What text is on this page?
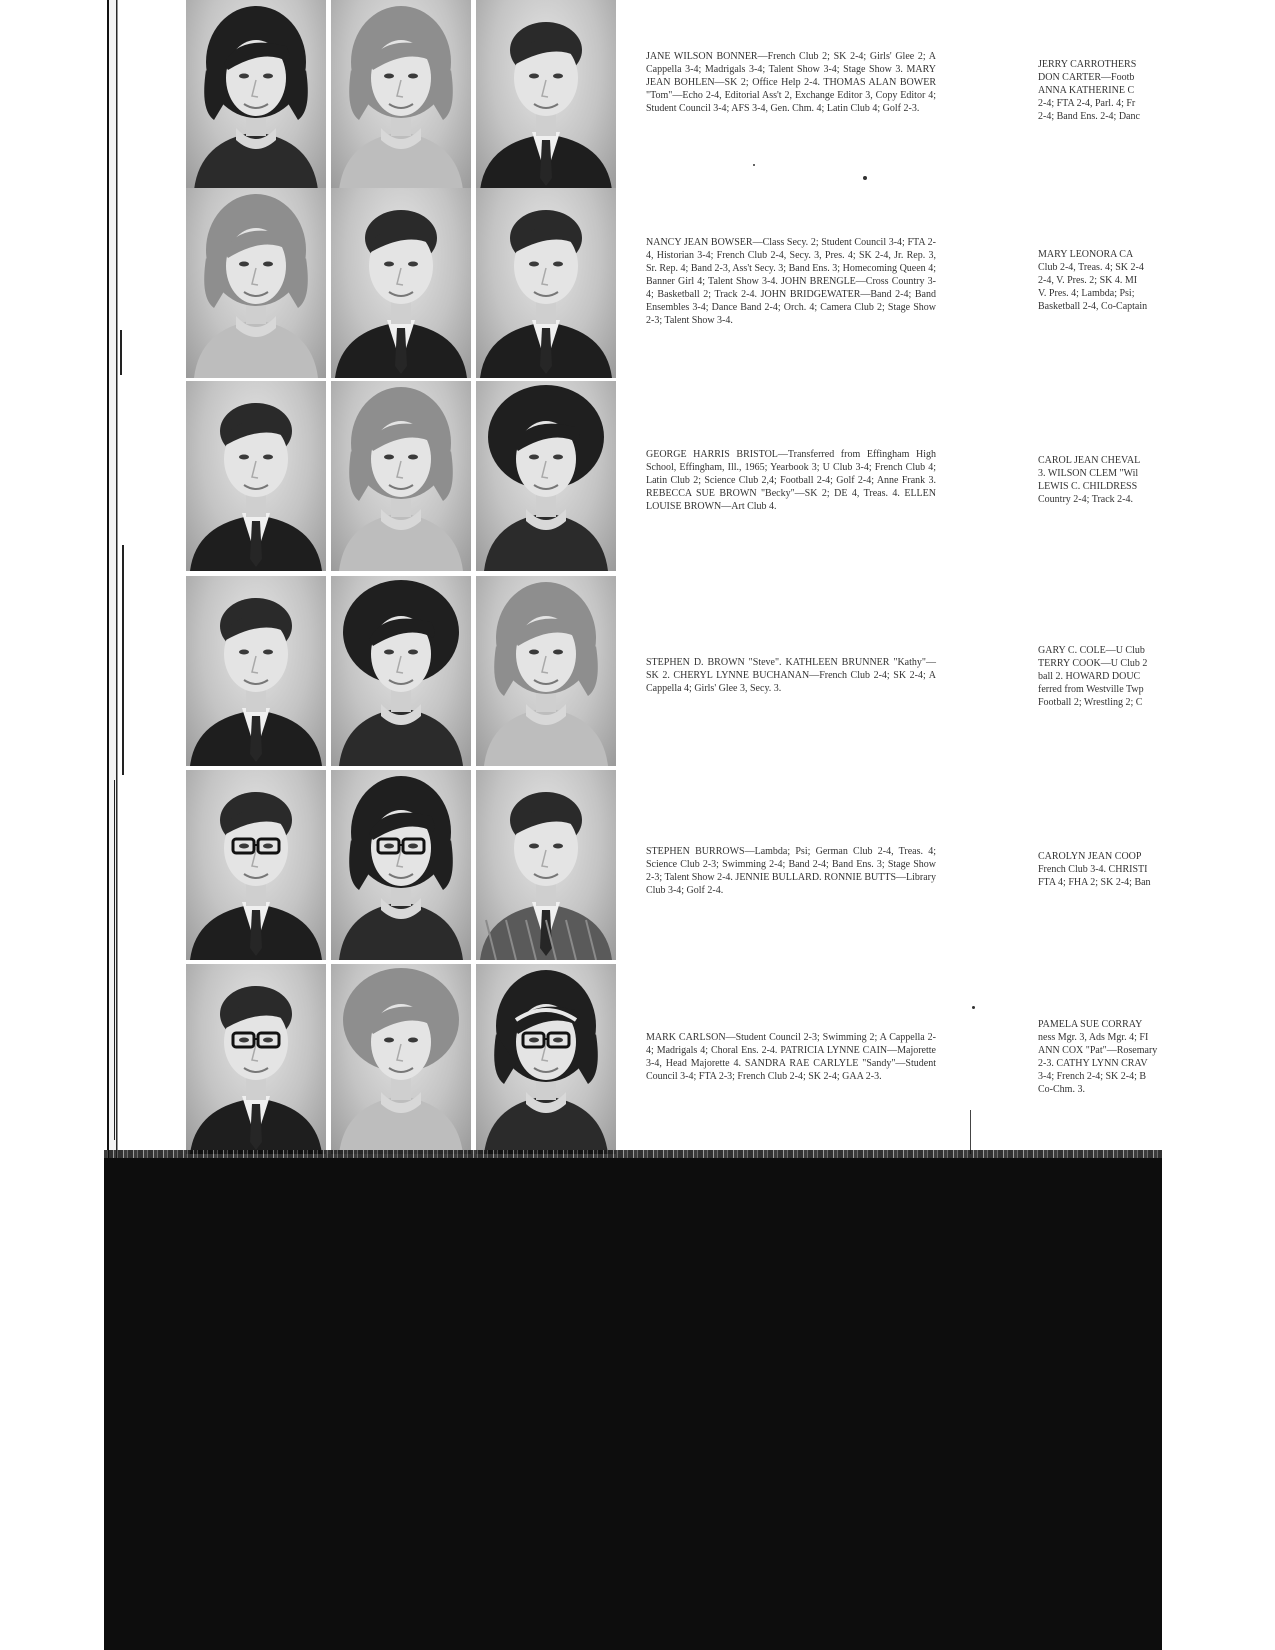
JANE WILSON BONNER—French Club 2; SK 2-4; Girls' Glee 2; A Cappella 3-4; Madrigals 3-4; Talent Show 3-4; Stage Show 3. MARY JEAN BOHLEN—SK 2; Office Help 2-4. THOMAS ALAN BOWER "Tom"—Echo 2-4, Editorial Ass't 2, Exchange Editor 3, Copy Editor 4; Student Council 3-4; AFS 3-4, Gen. Chm. 4; Latin Club 4; Golf 2-3.

NANCY JEAN BOWSER—Class Secy. 2; Student Council 3-4; FTA 2-4, Historian 3-4; French Club 2-4, Secy. 3, Pres. 4; SK 2-4, Jr. Rep. 3, Sr. Rep. 4; Band 2-3, Ass't Secy. 3; Band Ens. 3; Homecoming Queen 4; Banner Girl 4; Talent Show 3-4. JOHN BRENGLE—Cross Country 3-4; Basketball 2; Track 2-4. JOHN BRIDGEWATER—Band 2-4; Band Ensembles 3-4; Dance Band 2-4; Orch. 4; Camera Club 2; Stage Show 2-3; Talent Show 3-4.

GEORGE HARRIS BRISTOL—Transferred from Effingham High School, Effingham, Ill., 1965; Yearbook 3; U Club 3-4; French Club 4; Latin Club 2; Science Club 2,4; Football 2-4; Golf 2-4; Anne Frank 3. REBECCA SUE BROWN "Becky"—SK 2; DE 4, Treas. 4. ELLEN LOUISE BROWN—Art Club 4.

STEPHEN D. BROWN "Steve". KATHLEEN BRUNNER "Kathy"—SK 2. CHERYL LYNNE BUCHANAN—French Club 2-4; SK 2-4; A Cappella 4; Girls' Glee 3, Secy. 3.

STEPHEN BURROWS—Lambda; Psi; German Club 2-4, Treas. 4; Science Club 2-3; Swimming 2-4; Band 2-4; Band Ens. 3; Stage Show 2-3; Talent Show 2-4. JENNIE BULLARD. RONNIE BUTTS—Library Club 3-4; Golf 2-4.

MARK CARLSON—Student Council 2-3; Swimming 2; A Cappella 2-4; Madrigals 4; Choral Ens. 2-4. PATRICIA LYNNE CAIN—Majorette 3-4, Head Majorette 4. SANDRA RAE CARLYLE "Sandy"—Student Council 3-4; FTA 2-3; French Club 2-4; SK 2-4; GAA 2-3.

JERRY CARROTHERS
DON CARTER—Footb
ANNA KATHERINE C
2-4; FTA 2-4, Parl. 4; Fr
2-4; Band Ens. 2-4; Danc

MARY LEONORA CA
Club 2-4, Treas. 4; SK 2-4
2-4, V. Pres. 2; SK 4. MI
V. Pres. 4; Lambda; Psi;
Basketball 2-4, Co-Captain

CAROL JEAN CHEVAL
3. WILSON CLEM "Wil
LEWIS C. CHILDRESS
Country 2-4; Track 2-4.

GARY C. COLE—U Club
TERRY COOK—U Club 2
ball 2. HOWARD DOUC
ferred from Westville Twp
Football 2; Wrestling 2; C

CAROLYN JEAN COOP
French Club 3-4. CHRISTI
FTA 4; FHA 2; SK 2-4; Ban

PAMELA SUE CORRAY
ness Mgr. 3, Ads Mgr. 4; FI
ANN COX "Pat"—Rosemary
2-3. CATHY LYNN CRAV
3-4; French 2-4; SK 2-4; B
Co-Chm. 3.
